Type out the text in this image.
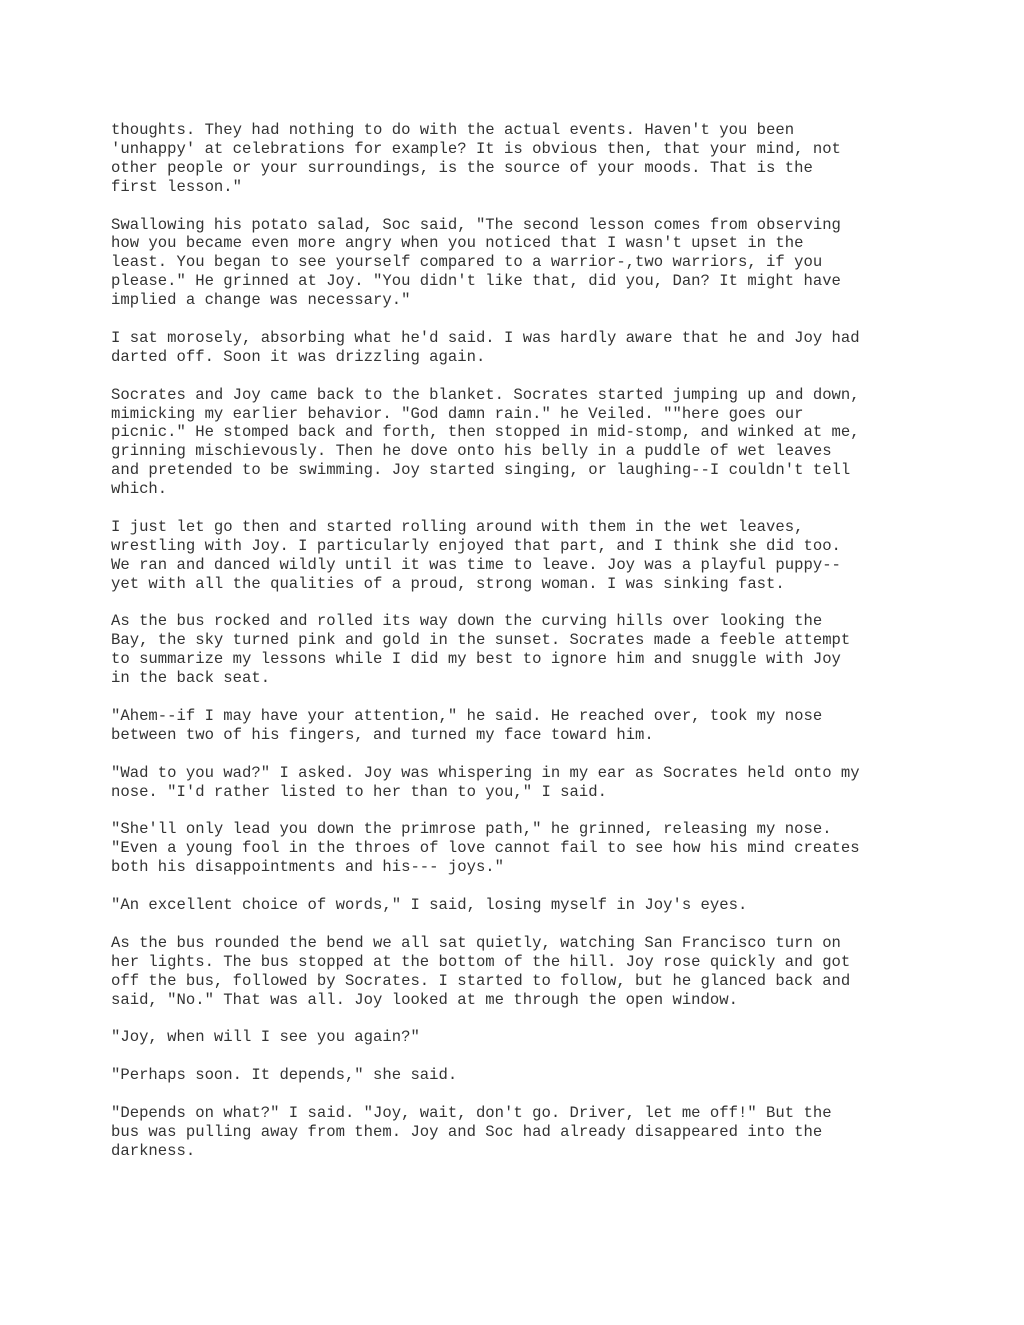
thoughts. They had nothing to do with the actual events. Haven't you been
'unhappy' at celebrations for example? It is obvious then, that your mind, not
other people or your surroundings, is the source of your moods. That is the
first lesson."

Swallowing his potato salad, Soc said, "The second lesson comes from observing
how you became even more angry when you noticed that I wasn't upset in the
least. You began to see yourself compared to a warrior-,two warriors, if you
please." He grinned at Joy. "You didn't like that, did you, Dan? It might have
implied a change was necessary."

I sat morosely, absorbing what he'd said. I was hardly aware that he and Joy had
darted off. Soon it was drizzling again.

Socrates and Joy came back to the blanket. Socrates started jumping up and down,
mimicking my earlier behavior. "God damn rain." he Veiled. ""here goes our
picnic." He stomped back and forth, then stopped in mid-stomp, and winked at me,
grinning mischievously. Then he dove onto his belly in a puddle of wet leaves
and pretended to be swimming. Joy started singing, or laughing--I couldn't tell
which.

I just let go then and started rolling around with them in the wet leaves,
wrestling with Joy. I particularly enjoyed that part, and I think she did too.
We ran and danced wildly until it was time to leave. Joy was a playful puppy--
yet with all the qualities of a proud, strong woman. I was sinking fast.

As the bus rocked and rolled its way down the curving hills over looking the
Bay, the sky turned pink and gold in the sunset. Socrates made a feeble attempt
to summarize my lessons while I did my best to ignore him and snuggle with Joy
in the back seat.

"Ahem--if I may have your attention," he said. He reached over, took my nose
between two of his fingers, and turned my face toward him.

"Wad to you wad?" I asked. Joy was whispering in my ear as Socrates held onto my
nose. "I'd rather listed to her than to you," I said.

"She'll only lead you down the primrose path," he grinned, releasing my nose.
"Even a young fool in the throes of love cannot fail to see how his mind creates
both his disappointments and his--- joys."

"An excellent choice of words," I said, losing myself in Joy's eyes.

As the bus rounded the bend we all sat quietly, watching San Francisco turn on
her lights. The bus stopped at the bottom of the hill. Joy rose quickly and got
off the bus, followed by Socrates. I started to follow, but he glanced back and
said, "No." That was all. Joy looked at me through the open window.

"Joy, when will I see you again?"

"Perhaps soon. It depends," she said.

"Depends on what?" I said. "Joy, wait, don't go. Driver, let me off!" But the
bus was pulling away from them. Joy and Soc had already disappeared into the
darkness.
